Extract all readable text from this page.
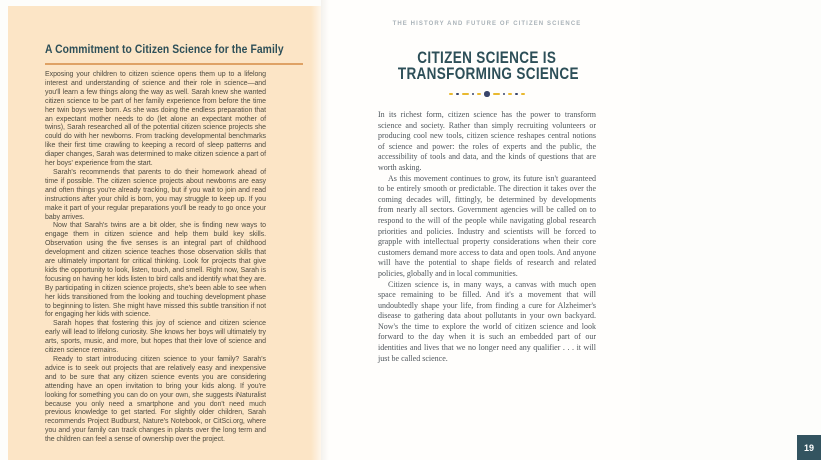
A Commitment to Citizen Science for the Family

Exposing your children to citizen science opens them up to a lifelong interest and understanding of science and their role in science—and you'll learn a few things along the way as well. Sarah knew she wanted citizen science to be part of her family experience from before the time her twin boys were born. As she was doing the endless preparation that an expectant mother needs to do (let alone an expectant mother of twins), Sarah researched all of the potential citizen science projects she could do with her newborns. From tracking developmental benchmarks like their first time crawling to keeping a record of sleep patterns and diaper changes, Sarah was determined to make citizen science a part of her boys' experience from the start.

Sarah's recommends that parents to do their homework ahead of time if possible. The citizen science projects about newborns are easy and often things you're already tracking, but if you wait to join and read instructions after your child is born, you may struggle to keep up. If you make it part of your regular preparations you'll be ready to go once your baby arrives.

Now that Sarah's twins are a bit older, she is finding new ways to engage them in citizen science and help them build key skills. Observation using the five senses is an integral part of childhood development and citizen science teaches those observation skills that are ultimately important for critical thinking. Look for projects that give kids the opportunity to look, listen, touch, and smell. Right now, Sarah is focusing on having her kids listen to bird calls and identify what they are. By participating in citizen science projects, she's been able to see when her kids transitioned from the looking and touching development phase to beginning to listen. She might have missed this subtle transition if not for engaging her kids with science.

Sarah hopes that fostering this joy of science and citizen science early will lead to lifelong curiosity. She knows her boys will ultimately try arts, sports, music, and more, but hopes that their love of science and citizen science remains.

Ready to start introducing citizen science to your family? Sarah's advice is to seek out projects that are relatively easy and inexpensive and to be sure that any citizen science events you are considering attending have an open invitation to bring your kids along. If you're looking for something you can do on your own, she suggests iNaturalist because you only need a smartphone and you don't need much previous knowledge to get started. For slightly older children, Sarah recommends Project Budburst, Nature's Notebook, or CitSci.org, where you and your family can track changes in plants over the long term and the children can feel a sense of ownership over the project.

THE HISTORY AND FUTURE OF CITIZEN SCIENCE
CITIZEN SCIENCE IS
TRANSFORMING SCIENCE

In its richest form, citizen science has the power to transform science and society. Rather than simply recruiting volunteers or producing cool new tools, citizen science reshapes central notions of science and power: the roles of experts and the public, the accessibility of tools and data, and the kinds of questions that are worth asking.

As this movement continues to grow, its future isn't guaranteed to be entirely smooth or predictable. The direction it takes over the coming decades will, fittingly, be determined by developments from nearly all sectors. Government agencies will be called on to respond to the will of the people while navigating global research priorities and policies. Industry and scientists will be forced to grapple with intellectual property considerations when their core customers demand more access to data and open tools. And anyone will have the potential to shape fields of research and related policies, globally and in local communities.

Citizen science is, in many ways, a canvas with much open space remaining to be filled. And it's a movement that will undoubtedly shape your life, from finding a cure for Alzheimer's disease to gathering data about pollutants in your own backyard. Now's the time to explore the world of citizen science and look forward to the day when it is such an embedded part of our identities and lives that we no longer need any qualifier . . . it will just be called science.

19
